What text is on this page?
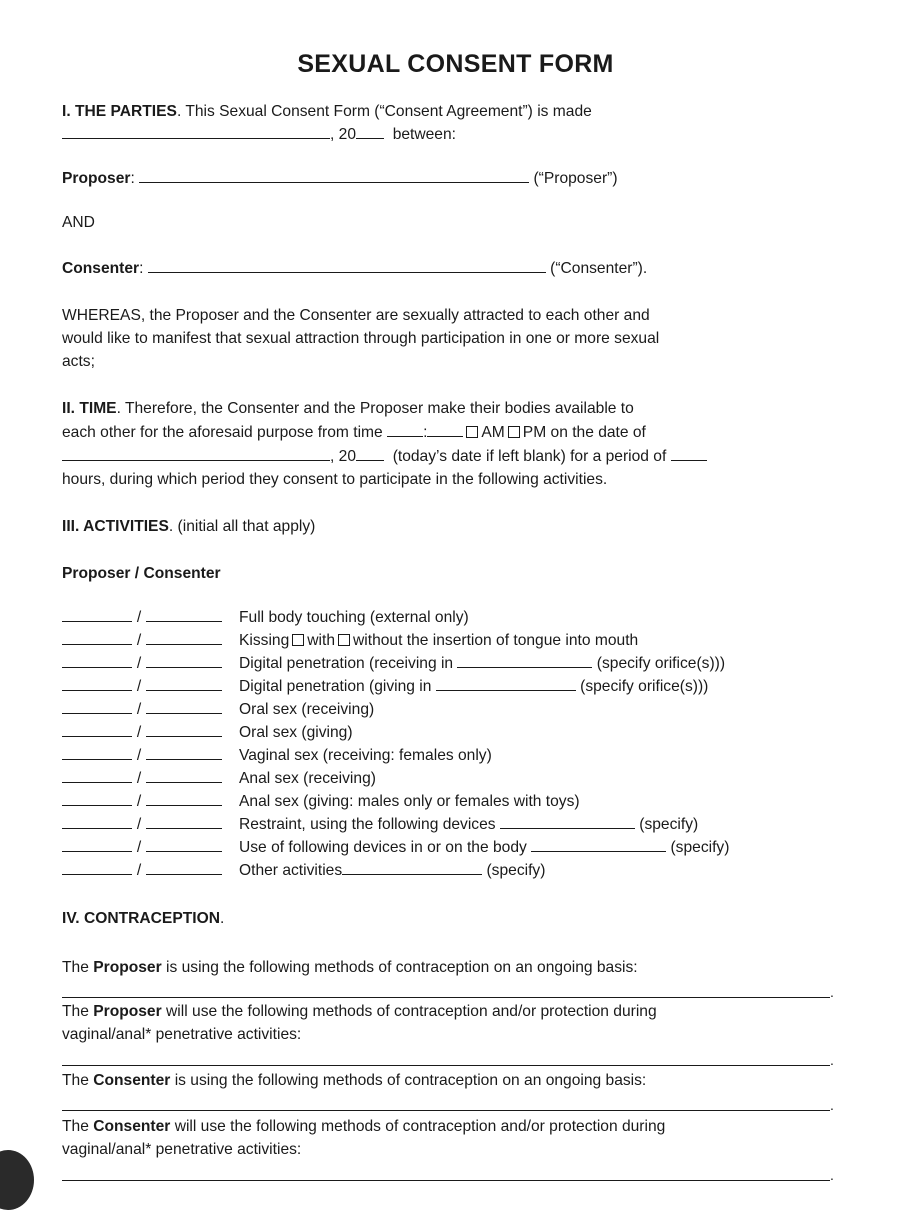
SEXUAL CONSENT FORM
I. THE PARTIES. This Sexual Consent Form (“Consent Agreement”) is made
, 20 between:
Proposer:	(“Proposer”)
AND
Consenter:	(“Consenter”).
WHEREAS, the Proposer and the Consenter are sexually attracted to each other and
would like to manifest that sexual attraction through participation in one or more sexual
acts;
II. TIME. Therefore, the Consenter and the Proposer make their bodies available to
each other for the aforesaid purpose from time	:	AM PM on the date of
, 20 (today’s date if left blank) for a period of
hours, during which period they consent to participate in the following activities.
III. ACTIVITIES. (initial all that apply)
Proposer / Consenter
/	Full body touching (external only)
/	Kissing with without the insertion of tongue into mouth
/	Digital penetration (receiving in	(specify orifice(s)))
/	Digital penetration (giving in	(specify orifice(s)))
/	Oral sex (receiving)
/	Oral sex (giving)
/	Vaginal sex (receiving: females only)
/	Anal sex (receiving)
/	Anal sex (giving: males only or females with toys)
/	Restraint, using the following devices	(specify)
/	Use of following devices in or on the body	(specify)
/	Other activities	(specify)
IV. CONTRACEPTION.
The Proposer is using the following methods of contraception on an ongoing basis:
.
The Proposer will use the following methods of contraception and/or protection during
vaginal/anal* penetrative activities:
.
The Consenter is using the following methods of contraception on an ongoing basis:
.
The Consenter will use the following methods of contraception and/or protection during
vaginal/anal* penetrative activities:
.
